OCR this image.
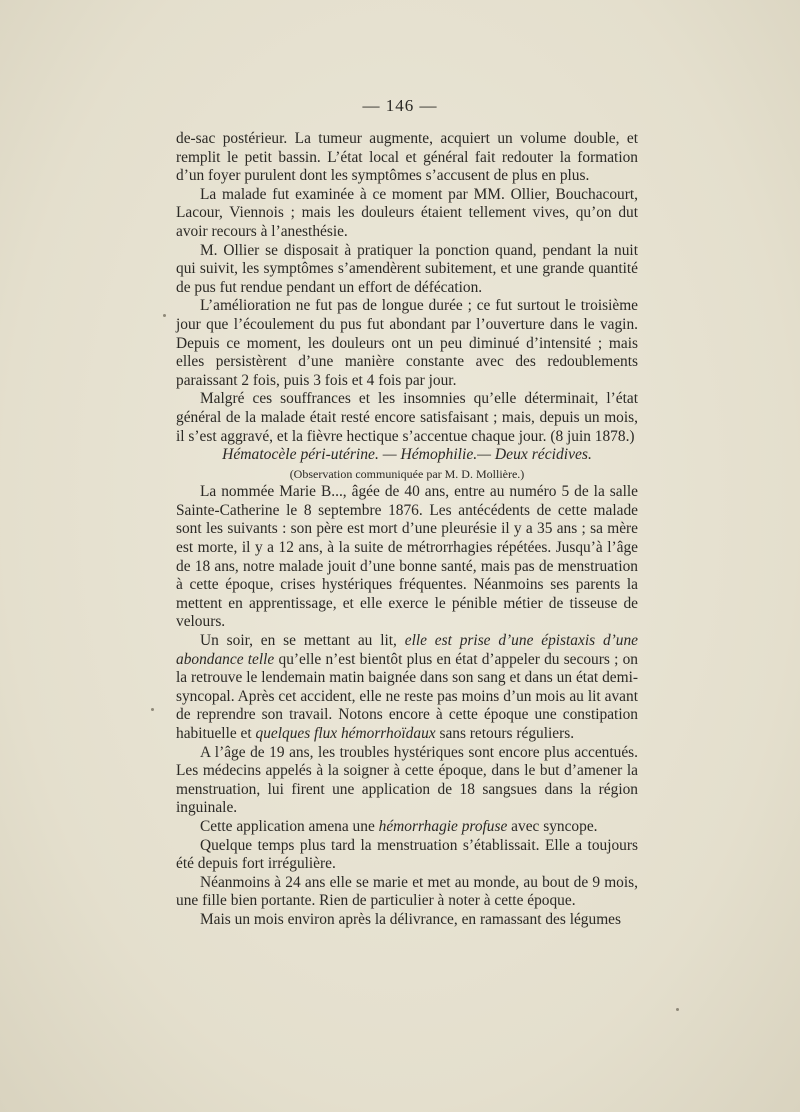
— 146 —

de-sac postérieur. La tumeur augmente, acquiert un volume double, et remplit le petit bassin. L’état local et général fait redouter la formation d’un foyer purulent dont les symptômes s’accusent de plus en plus.

La malade fut examinée à ce moment par MM. Ollier, Bouchacourt, Lacour, Viennois ; mais les douleurs étaient tellement vives, qu’on dut avoir recours à l’anesthésie.

M. Ollier se disposait à pratiquer la ponction quand, pendant la nuit qui suivit, les symptômes s’amendèrent subitement, et une grande quantité de pus fut rendue pendant un effort de défécation.

L’amélioration ne fut pas de longue durée ; ce fut surtout le troisième jour que l’écoulement du pus fut abondant par l’ouverture dans le vagin. Depuis ce moment, les douleurs ont un peu diminué d’intensité ; mais elles persistèrent d’une manière constante avec des redoublements paraissant 2 fois, puis 3 fois et 4 fois par jour.

Malgré ces souffrances et les insomnies qu’elle déterminait, l’état général de la malade était resté encore satisfaisant ; mais, depuis un mois, il s’est aggravé, et la fièvre hectique s’accentue chaque jour. (8 juin 1878.)

Hématocèle péri-utérine. — Hémophilie.— Deux récidives.

(Observation communiquée par M. D. Mollière.)

La nommée Marie B..., âgée de 40 ans, entre au numéro 5 de la salle Sainte-Catherine le 8 septembre 1876. Les antécédents de cette malade sont les suivants : son père est mort d’une pleurésie il y a 35 ans ; sa mère est morte, il y a 12 ans, à la suite de métrorrhagies répétées. Jusqu’à l’âge de 18 ans, notre malade jouit d’une bonne santé, mais pas de menstruation à cette époque, crises hystériques fréquentes. Néanmoins ses parents la mettent en apprentissage, et elle exerce le pénible métier de tisseuse de velours.

Un soir, en se mettant au lit, elle est prise d’une épistaxis d’une abondance telle qu’elle n’est bientôt plus en état d’appeler du secours ; on la retrouve le lendemain matin baignée dans son sang et dans un état demi-syncopal. Après cet accident, elle ne reste pas moins d’un mois au lit avant de reprendre son travail. Notons encore à cette époque une constipation habituelle et quelques flux hémorrhoïdaux sans retours réguliers.

A l’âge de 19 ans, les troubles hystériques sont encore plus accentués. Les médecins appelés à la soigner à cette époque, dans le but d’amener la menstruation, lui firent une application de 18 sangsues dans la région inguinale.

Cette application amena une hémorrhagie profuse avec syncope.

Quelque temps plus tard la menstruation s’établissait. Elle a toujours été depuis fort irrégulière.

Néanmoins à 24 ans elle se marie et met au monde, au bout de 9 mois, une fille bien portante. Rien de particulier à noter à cette époque.

Mais un mois environ après la délivrance, en ramassant des légumes
